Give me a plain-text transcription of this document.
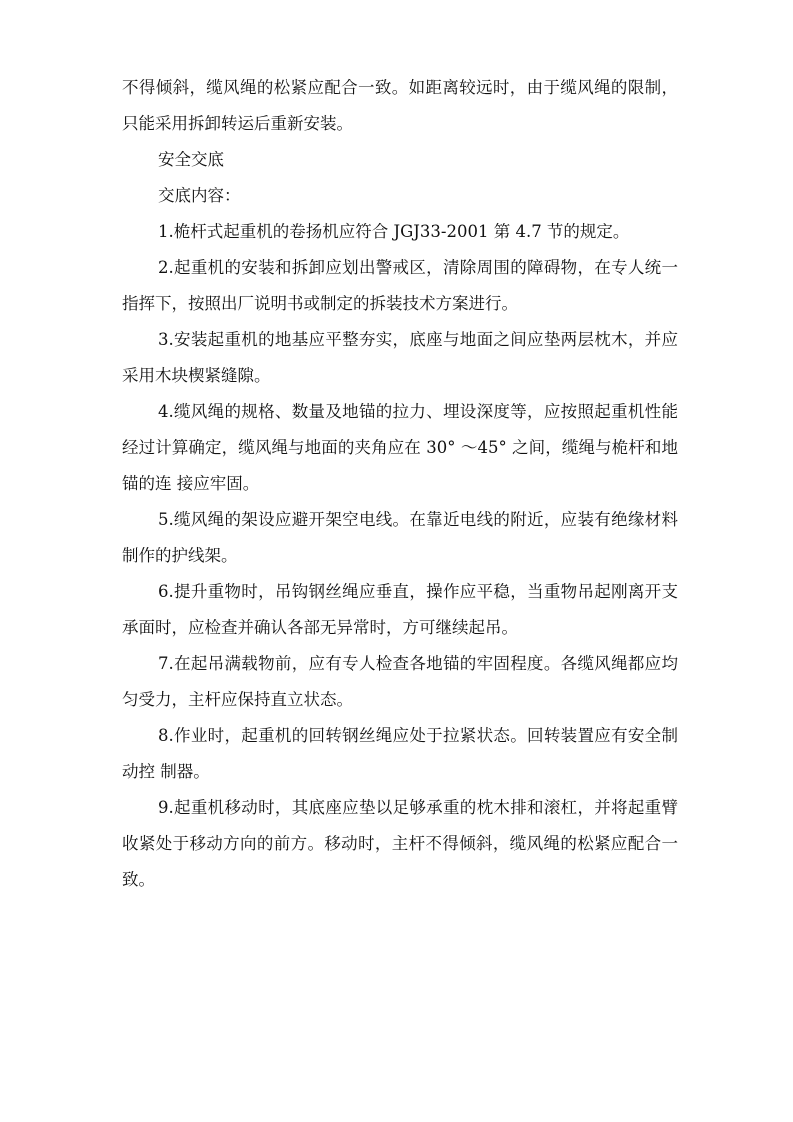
不得倾斜，缆风绳的松紧应配合一致。如距离较远时，由于缆风绳的限制，只能采用拆卸转运后重新安装。

安全交底

交底内容：

1.桅杆式起重机的卷扬机应符合 JGJ33-2001 第 4.7 节的规定。

2.起重机的安装和拆卸应划出警戒区，清除周围的障碍物，在专人统一指挥下，按照出厂说明书或制定的拆装技术方案进行。

3.安装起重机的地基应平整夯实，底座与地面之间应垫两层枕木，并应采用木块楔紧缝隙。

4.缆风绳的规格、数量及地锚的拉力、埋设深度等，应按照起重机性能经过计算确定，缆风绳与地面的夹角应在 30° ～45° 之间，缆绳与桅杆和地锚的连 接应牢固。

5.缆风绳的架设应避开架空电线。在靠近电线的附近，应装有绝缘材料制作的护线架。

6.提升重物时，吊钩钢丝绳应垂直，操作应平稳，当重物吊起刚离开支承面时，应检查并确认各部无异常时，方可继续起吊。

7.在起吊满载物前，应有专人检查各地锚的牢固程度。各缆风绳都应均匀受力，主杆应保持直立状态。

8.作业时，起重机的回转钢丝绳应处于拉紧状态。回转装置应有安全制动控 制器。

9.起重机移动时，其底座应垫以足够承重的枕木排和滚杠，并将起重臂收紧处于移动方向的前方。移动时，主杆不得倾斜，缆风绳的松紧应配合一致。
